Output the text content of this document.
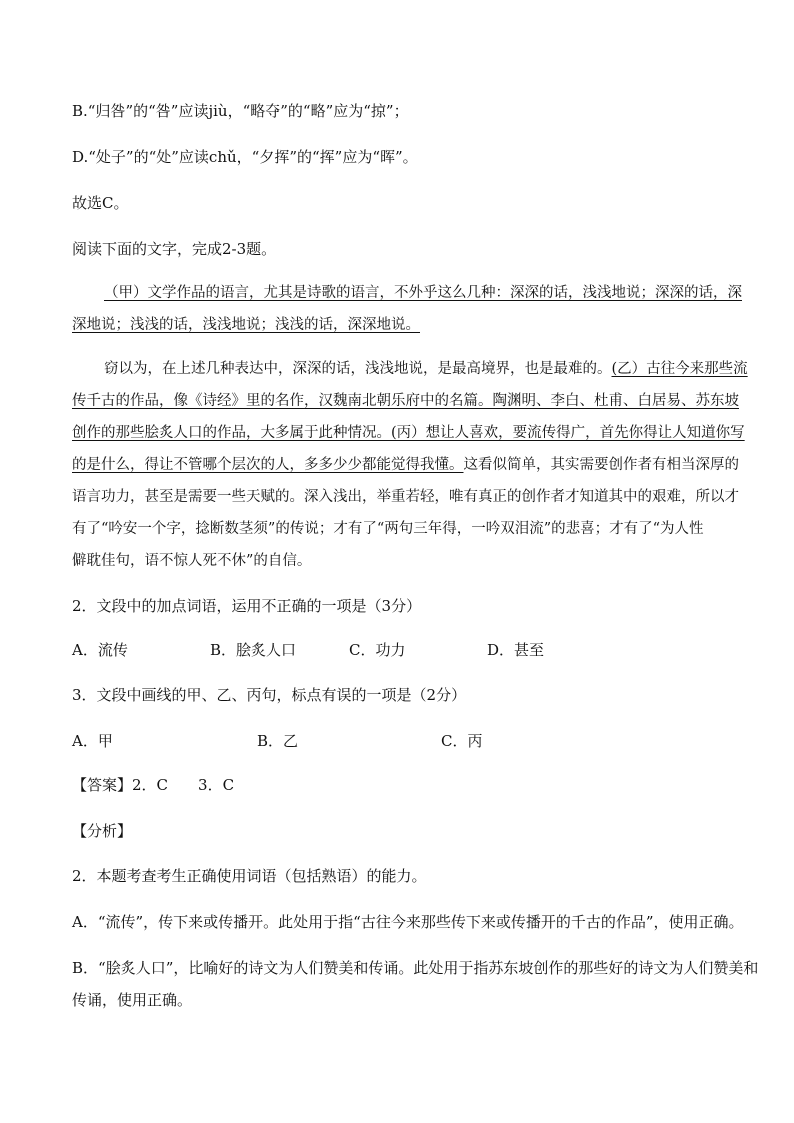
B.“归咎”的“咎”应读jiù，“略夺”的“略”应为“掠”；
D.“处子”的“处”应读chǔ，“夕挥”的“挥”应为“晖”。
故选C。
阅读下面的文字，完成2-3题。
（甲）文学作品的语言，尤其是诗歌的语言，不外乎这么几种：深深的话，浅浅地说；深深的话，深
深地说；浅浅的话，浅浅地说；浅浅的话，深深地说。
窃以为，在上述几种表达中，深深的话，浅浅地说，是最高境界，也是最难的。(乙）古往今来那些流
传千古的作品，像《诗经》里的名作，汉魏南北朝乐府中的名篇。陶渊明、李白、杜甫、白居易、苏东坡
创作的那些脍炙人口的作品，大多属于此种情况。(丙）想让人喜欢，要流传得广，首先你得让人知道你写
的是什么，得让不管哪个层次的人，多多少少都能觉得我懂。这看似简单，其实需要创作者有相当深厚的
语言功力，甚至是需要一些天赋的。深入浅出，举重若轻，唯有真正的创作者才知道其中的艰难，所以才
有了“吟安一个字，捻断数茎须”的传说；才有了“两句三年得，一吟双泪流”的悲喜；才有了“为人性
僻耽佳句，语不惊人死不休”的自信。
2．文段中的加点词语，运用不正确的一项是（3分）
A．流传	B．脍炙人口	C．功力	D．甚至
3．文段中画线的甲、乙、丙句，标点有误的一项是（2分）
A．甲	B．乙	C．丙
【答案】2．C　　3．C
【分析】
2．本题考查考生正确使用词语（包括熟语）的能力。
A．“流传”，传下来或传播开。此处用于指“古往今来那些传下来或传播开的千古的作品”，使用正确。
B．“脍炙人口”，比喻好的诗文为人们赞美和传诵。此处用于指苏东坡创作的那些好的诗文为人们赞美和
传诵，使用正确。
